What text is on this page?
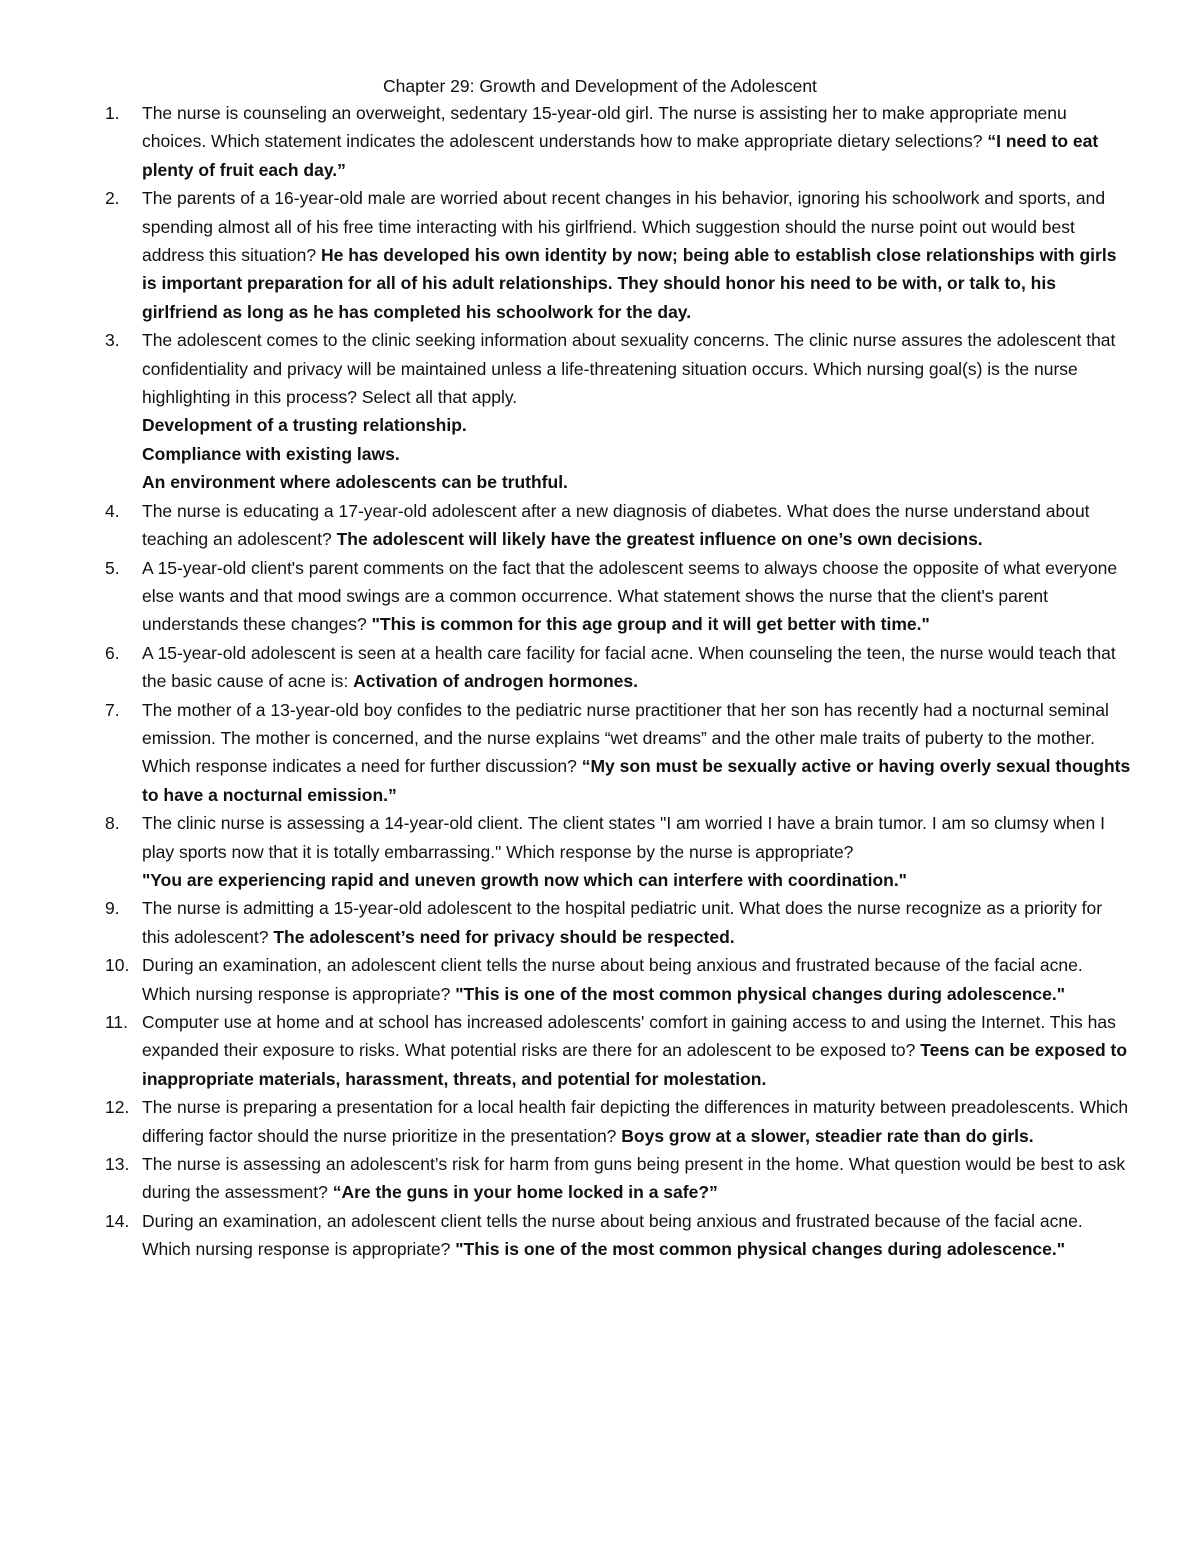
Chapter 29: Growth and Development of the Adolescent
1. The nurse is counseling an overweight, sedentary 15-year-old girl. The nurse is assisting her to make appropriate menu choices. Which statement indicates the adolescent understands how to make appropriate dietary selections? “I need to eat plenty of fruit each day.”
2. The parents of a 16-year-old male are worried about recent changes in his behavior, ignoring his schoolwork and sports, and spending almost all of his free time interacting with his girlfriend. Which suggestion should the nurse point out would best address this situation? He has developed his own identity by now; being able to establish close relationships with girls is important preparation for all of his adult relationships. They should honor his need to be with, or talk to, his girlfriend as long as he has completed his schoolwork for the day.
3. The adolescent comes to the clinic seeking information about sexuality concerns. The clinic nurse assures the adolescent that confidentiality and privacy will be maintained unless a life-threatening situation occurs. Which nursing goal(s) is the nurse highlighting in this process? Select all that apply.
Development of a trusting relationship.
Compliance with existing laws.
An environment where adolescents can be truthful.
4. The nurse is educating a 17-year-old adolescent after a new diagnosis of diabetes. What does the nurse understand about teaching an adolescent? The adolescent will likely have the greatest influence on one’s own decisions.
5. A 15-year-old client's parent comments on the fact that the adolescent seems to always choose the opposite of what everyone else wants and that mood swings are a common occurrence. What statement shows the nurse that the client's parent understands these changes? "This is common for this age group and it will get better with time."
6. A 15-year-old adolescent is seen at a health care facility for facial acne. When counseling the teen, the nurse would teach that the basic cause of acne is: Activation of androgen hormones.
7. The mother of a 13-year-old boy confides to the pediatric nurse practitioner that her son has recently had a nocturnal seminal emission. The mother is concerned, and the nurse explains “wet dreams” and the other male traits of puberty to the mother. Which response indicates a need for further discussion? “My son must be sexually active or having overly sexual thoughts to have a nocturnal emission.”
8. The clinic nurse is assessing a 14-year-old client. The client states "I am worried I have a brain tumor. I am so clumsy when I play sports now that it is totally embarrassing." Which response by the nurse is appropriate?
"You are experiencing rapid and uneven growth now which can interfere with coordination."
9. The nurse is admitting a 15-year-old adolescent to the hospital pediatric unit. What does the nurse recognize as a priority for this adolescent? The adolescent’s need for privacy should be respected.
10. During an examination, an adolescent client tells the nurse about being anxious and frustrated because of the facial acne. Which nursing response is appropriate? "This is one of the most common physical changes during adolescence."
11. Computer use at home and at school has increased adolescents' comfort in gaining access to and using the Internet. This has expanded their exposure to risks. What potential risks are there for an adolescent to be exposed to? Teens can be exposed to inappropriate materials, harassment, threats, and potential for molestation.
12. The nurse is preparing a presentation for a local health fair depicting the differences in maturity between preadolescents. Which differing factor should the nurse prioritize in the presentation? Boys grow at a slower, steadier rate than do girls.
13. The nurse is assessing an adolescent’s risk for harm from guns being present in the home. What question would be best to ask during the assessment? “Are the guns in your home locked in a safe?”
14. During an examination, an adolescent client tells the nurse about being anxious and frustrated because of the facial acne. Which nursing response is appropriate? "This is one of the most common physical changes during adolescence."
